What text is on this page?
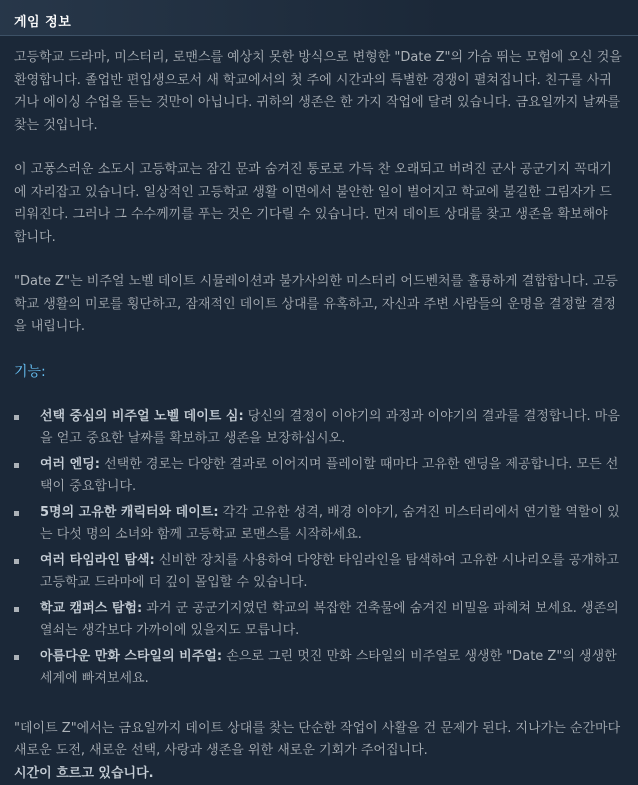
게임 정보

고등학교 드라마, 미스터리, 로맨스를 예상치 못한 방식으로 변형한 "Date Z"의 가슴 뛰는 모험에 오신 것을 환영합니다. 졸업반 편입생으로서 새 학교에서의 첫 주에 시간과의 특별한 경쟁이 펼쳐집니다. 친구를 사귀거나 에이싱 수업을 듣는 것만이 아닙니다. 귀하의 생존은 한 가지 작업에 달려 있습니다. 금요일까지 날짜를 찾는 것입니다.

이 고풍스러운 소도시 고등학교는 잠긴 문과 숨겨진 통로로 가득 찬 오래되고 버려진 군사 공군기지 꼭대기에 자리잡고 있습니다. 일상적인 고등학교 생활 이면에서 불안한 일이 벌어지고 학교에 불길한 그림자가 드리워진다. 그러나 그 수수께끼를 푸는 것은 기다릴 수 있습니다. 먼저 데이트 상대를 찾고 생존을 확보해야 합니다.

"Date Z"는 비주얼 노벨 데이트 시뮬레이션과 불가사의한 미스터리 어드벤처를 훌륭하게 결합합니다. 고등학교 생활의 미로를 횡단하고, 잠재적인 데이트 상대를 유혹하고, 자신과 주변 사람들의 운명을 결정할 결정을 내립니다.

기능:

선택 중심의 비주얼 노벨 데이트 심: 당신의 결정이 이야기의 과정과 이야기의 결과를 결정합니다. 마음을 얻고 중요한 날짜를 확보하고 생존을 보장하십시오.
여러 엔딩: 선택한 경로는 다양한 결과로 이어지며 플레이할 때마다 고유한 엔딩을 제공합니다. 모든 선택이 중요합니다.
5명의 고유한 캐릭터와 데이트: 각각 고유한 성격, 배경 이야기, 숨겨진 미스터리에서 연기할 역할이 있는 다섯 명의 소녀와 함께 고등학교 로맨스를 시작하세요.
여러 타임라인 탐색: 신비한 장치를 사용하여 다양한 타임라인을 탐색하여 고유한 시나리오를 공개하고 고등학교 드라마에 더 깊이 몰입할 수 있습니다.
학교 캠퍼스 탐험: 과거 군 공군기지였던 학교의 복잡한 건축물에 숨겨진 비밀을 파헤쳐 보세요. 생존의 열쇠는 생각보다 가까이에 있을지도 모릅니다.
아름다운 만화 스타일의 비주얼: 손으로 그린 멋진 만화 스타일의 비주얼로 생생한 "Date Z"의 생생한 세계에 빠져보세요.

"데이트 Z"에서는 금요일까지 데이트 상대를 찾는 단순한 작업이 사활을 건 문제가 된다. 지나가는 순간마다 새로운 도전, 새로운 선택, 사랑과 생존을 위한 새로운 기회가 주어집니다.

시간이 흐르고 있습니다.
